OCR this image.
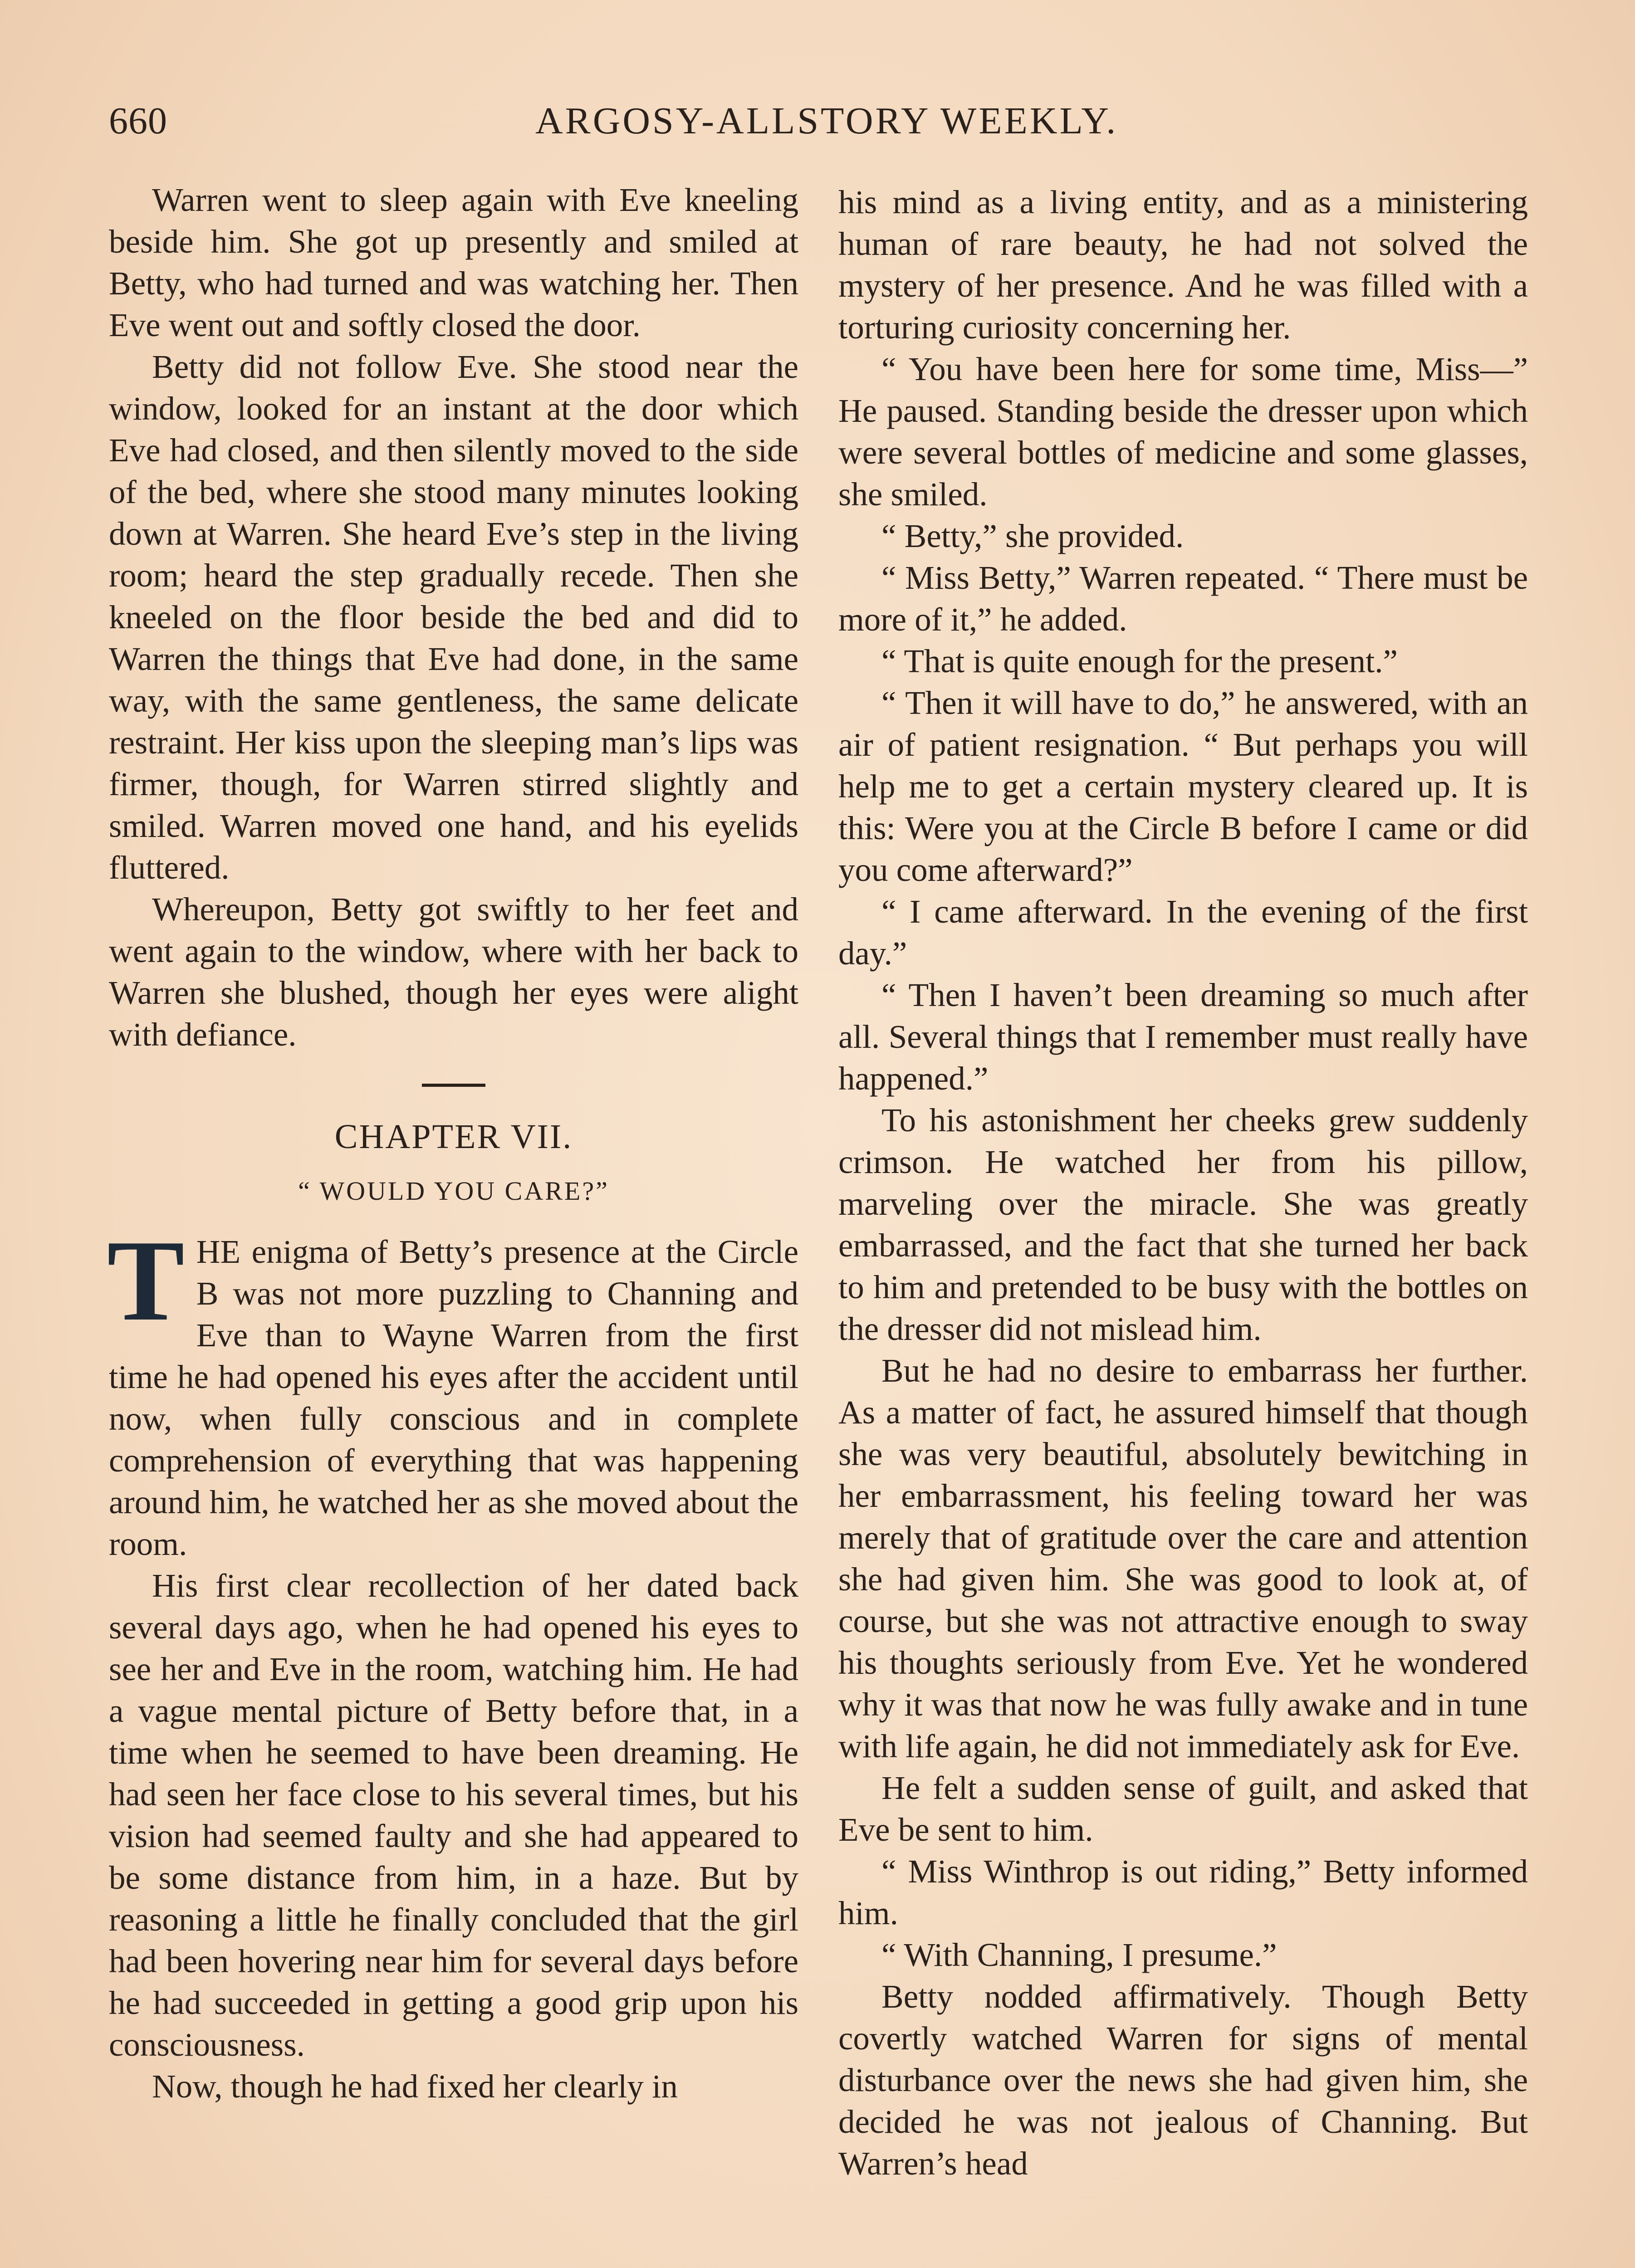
660	ARGOSY-ALLSTORY WEEKLY.

Warren went to sleep again with Eve kneeling beside him. She got up presently and smiled at Betty, who had turned and was watching her. Then Eve went out and softly closed the door.

Betty did not follow Eve. She stood near the window, looked for an instant at the door which Eve had closed, and then silently moved to the side of the bed, where she stood many minutes looking down at Warren. She heard Eve’s step in the living room; heard the step gradually recede. Then she kneeled on the floor beside the bed and did to Warren the things that Eve had done, in the same way, with the same gentleness, the same delicate restraint. Her kiss upon the sleeping man’s lips was firmer, though, for Warren stirred slightly and smiled. Warren moved one hand, and his eyelids fluttered.

Whereupon, Betty got swiftly to her feet and went again to the window, where with her back to Warren she blushed, though her eyes were alight with defiance.

CHAPTER VII.
“ WOULD YOU CARE?”

THE enigma of Betty’s presence at the Circle B was not more puzzling to Channing and Eve than to Wayne Warren from the first time he had opened his eyes after the accident until now, when fully conscious and in complete comprehension of everything that was happening around him, he watched her as she moved about the room.

His first clear recollection of her dated back several days ago, when he had opened his eyes to see her and Eve in the room, watching him. He had a vague mental picture of Betty before that, in a time when he seemed to have been dreaming. He had seen her face close to his several times, but his vision had seemed faulty and she had appeared to be some distance from him, in a haze. But by reasoning a little he finally concluded that the girl had been hovering near him for several days before he had succeeded in getting a good grip upon his consciousness.

Now, though he had fixed her clearly in

his mind as a living entity, and as a ministering human of rare beauty, he had not solved the mystery of her presence. And he was filled with a torturing curiosity concerning her.

“ You have been here for some time, Miss—” He paused. Standing beside the dresser upon which were several bottles of medicine and some glasses, she smiled.

“ Betty,” she provided.

“ Miss Betty,” Warren repeated. “ There must be more of it,” he added.

“ That is quite enough for the present.”

“ Then it will have to do,” he answered, with an air of patient resignation. “ But perhaps you will help me to get a certain mystery cleared up. It is this: Were you at the Circle B before I came or did you come afterward?”

“ I came afterward. In the evening of the first day.”

“ Then I haven’t been dreaming so much after all. Several things that I remember must really have happened.”

To his astonishment her cheeks grew suddenly crimson. He watched her from his pillow, marveling over the miracle. She was greatly embarrassed, and the fact that she turned her back to him and pretended to be busy with the bottles on the dresser did not mislead him.

But he had no desire to embarrass her further. As a matter of fact, he assured himself that though she was very beautiful, absolutely bewitching in her embarrassment, his feeling toward her was merely that of gratitude over the care and attention she had given him. She was good to look at, of course, but she was not attractive enough to sway his thoughts seriously from Eve. Yet he wondered why it was that now he was fully awake and in tune with life again, he did not immediately ask for Eve.

He felt a sudden sense of guilt, and asked that Eve be sent to him.

“ Miss Winthrop is out riding,” Betty informed him.

“ With Channing, I presume.”

Betty nodded affirmatively. Though Betty covertly watched Warren for signs of mental disturbance over the news she had given him, she decided he was not jealous of Channing. But Warren’s head
